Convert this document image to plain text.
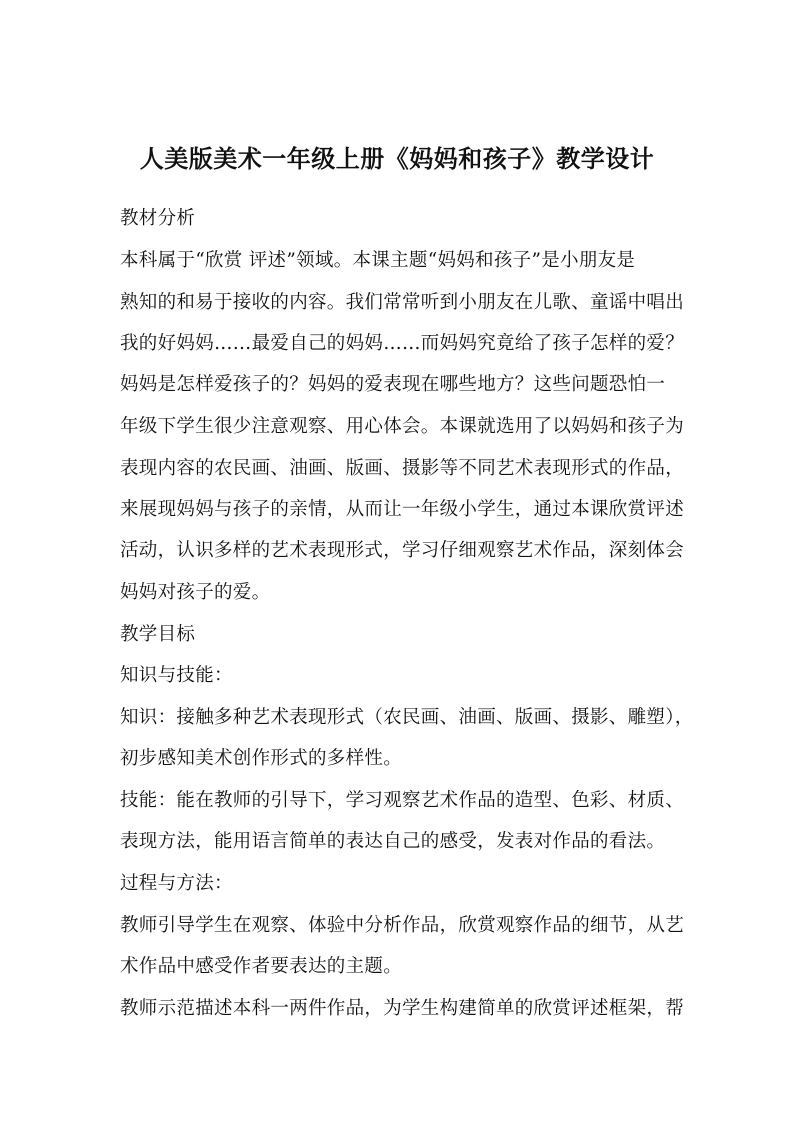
人美版美术一年级上册《妈妈和孩子》教学设计
教材分析
本科属于“欣赏 评述”领域。本课主题“妈妈和孩子”是小朋友是
熟知的和易于接收的内容。我们常常听到小朋友在儿歌、童谣中唱出
我的好妈妈……最爱自己的妈妈……而妈妈究竟给了孩子怎样的爱？
妈妈是怎样爱孩子的？妈妈的爱表现在哪些地方？这些问题恐怕一
年级下学生很少注意观察、用心体会。本课就选用了以妈妈和孩子为
表现内容的农民画、油画、版画、摄影等不同艺术表现形式的作品，
来展现妈妈与孩子的亲情，从而让一年级小学生，通过本课欣赏评述
活动，认识多样的艺术表现形式，学习仔细观察艺术作品，深刻体会
妈妈对孩子的爱。
教学目标
知识与技能：
知识：接触多种艺术表现形式（农民画、油画、版画、摄影、雕塑），
初步感知美术创作形式的多样性。
技能：能在教师的引导下，学习观察艺术作品的造型、色彩、材质、
表现方法，能用语言简单的表达自己的感受，发表对作品的看法。
过程与方法：
教师引导学生在观察、体验中分析作品，欣赏观察作品的细节，从艺
术作品中感受作者要表达的主题。
教师示范描述本科一两件作品，为学生构建简单的欣赏评述框架，帮
